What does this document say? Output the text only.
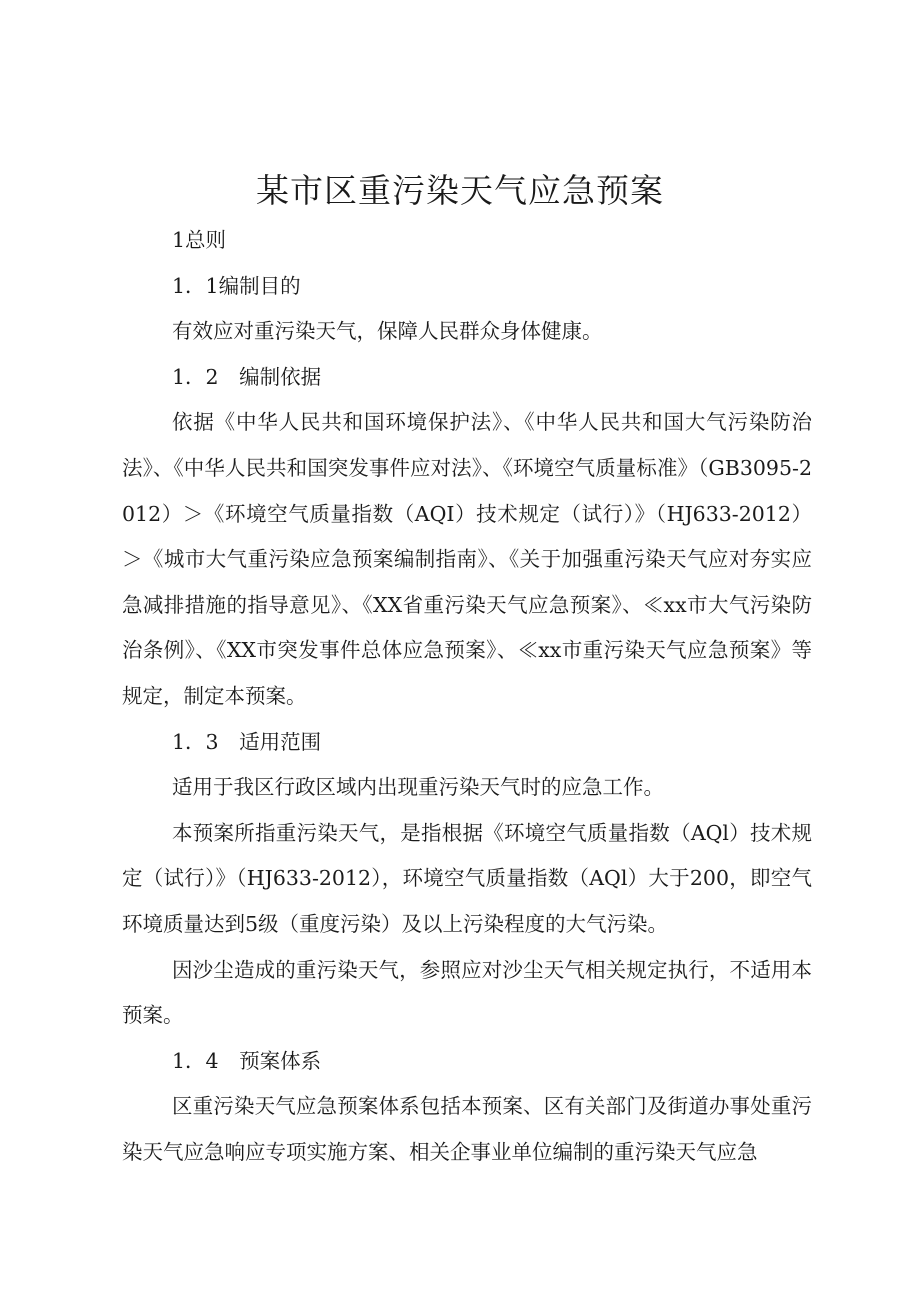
某市区重污染天气应急预案

1总则

1．1编制目的

有效应对重污染天气，保障人民群众身体健康。

1．2　编制依据

依据《中华人民共和国环境保护法》、《中华人民共和国大气污染防治法》、《中华人民共和国突发事件应对法》、《环境空气质量标准》（GB3095-2012）＞《环境空气质量指数（AQI）技术规定（试行）》（HJ633-2012）＞《城市大气重污染应急预案编制指南》、《关于加强重污染天气应对夯实应急减排措施的指导意见》、《XX省重污染天气应急预案》、≪xx市大气污染防治条例》、《XX市突发事件总体应急预案》、≪xx市重污染天气应急预案》等规定，制定本预案。

1．3　适用范围

适用于我区行政区域内出现重污染天气时的应急工作。

本预案所指重污染天气，是指根据《环境空气质量指数（AQl）技术规定（试行）》（HJ633-2012），环境空气质量指数（AQl）大于200，即空气环境质量达到5级（重度污染）及以上污染程度的大气污染。

因沙尘造成的重污染天气，参照应对沙尘天气相关规定执行，不适用本预案。

1．4　预案体系

区重污染天气应急预案体系包括本预案、区有关部门及街道办事处重污染天气应急响应专项实施方案、相关企事业单位编制的重污染天气应急
